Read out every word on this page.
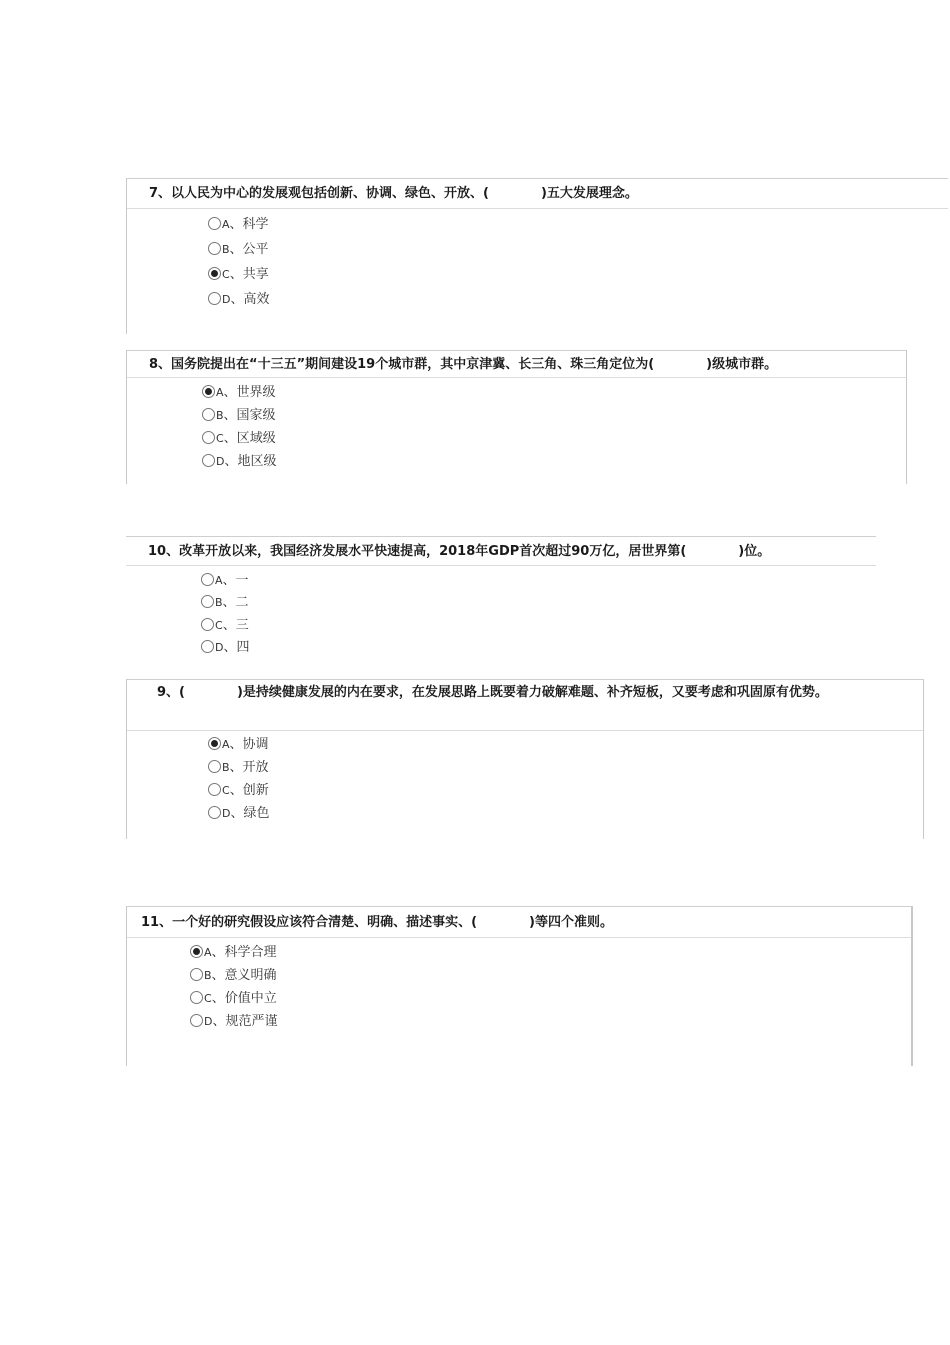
7、以人民为中心的发展观包括创新、协调、绿色、开放、(　　　　)五大发展理念。
A、科学
B、公平
C、共享
D、高效
8、国务院提出在“十三五”期间建设19个城市群，其中京津冀、长三角、珠三角定位为(　　　　)级城市群。
A、世界级
B、国家级
C、区域级
D、地区级
10、改革开放以来，我国经济发展水平快速提高，2018年GDP首次超过90万亿，居世界第(　　　　)位。
A、一
B、二
C、三
D、四
9、(　　　　)是持续健康发展的内在要求，在发展思路上既要着力破解难题、补齐短板，又要考虑和巩固原有优势。
A、协调
B、开放
C、创新
D、绿色
11、一个好的研究假设应该符合清楚、明确、描述事实、(　　　　)等四个准则。
A、科学合理
B、意义明确
C、价值中立
D、规范严谨
